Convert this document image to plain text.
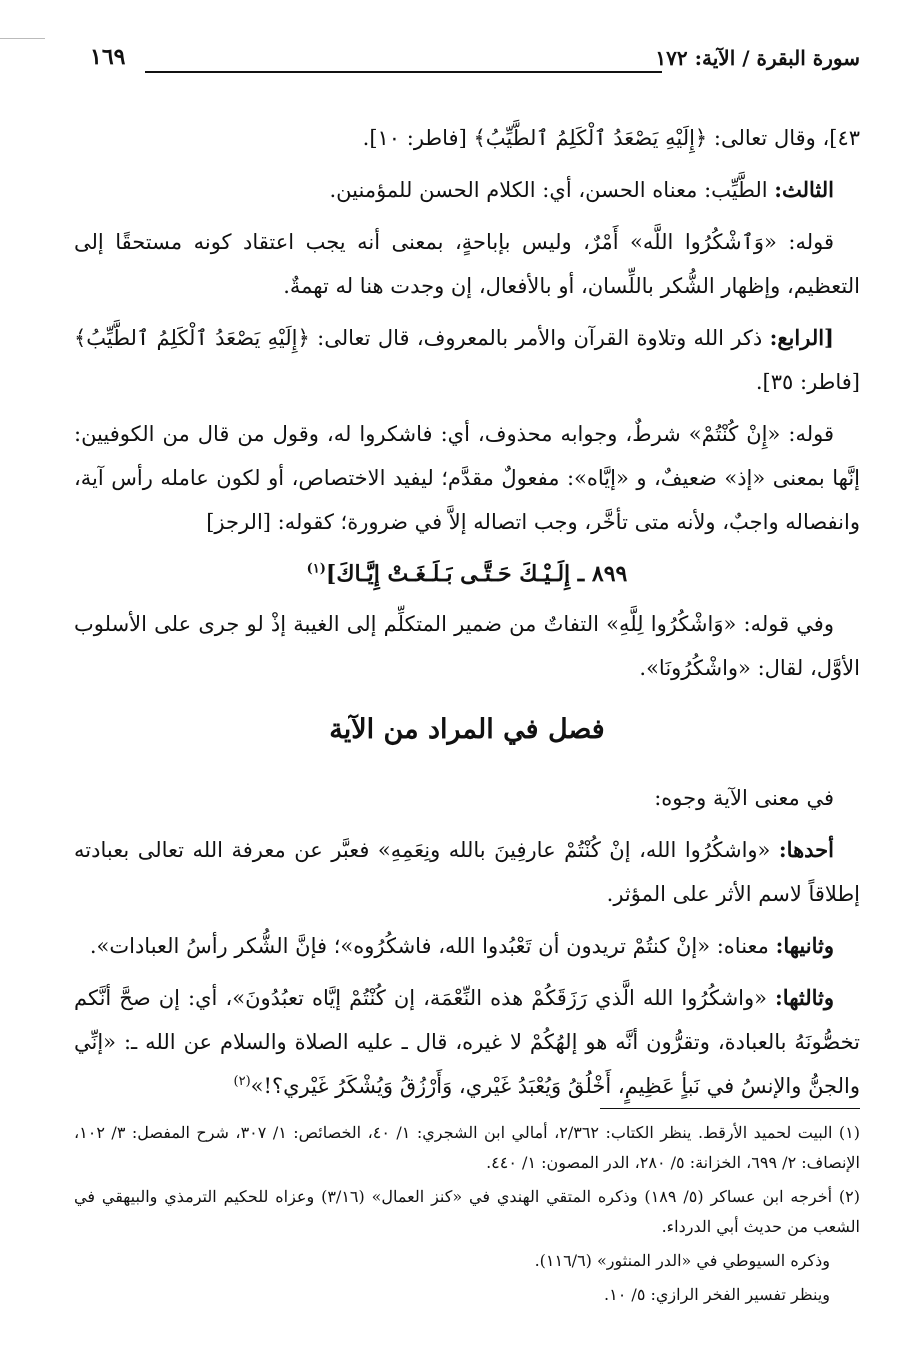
سورة البقرة / الآية: ١٧٢
١٦٩

٤٣]، وقال تعالى: ﴿إِلَيْهِ يَصْعَدُ ٱلْكَلِمُ ٱلطَّيِّبُ﴾ [فاطر: ١٠].

الثالث: الطَّيِّب: معناه الحسن، أي: الكلام الحسن للمؤمنين.

قوله: «وَٱشْكُرُوا اللَّه» أَمْرٌ، وليس بإباحةٍ، بمعنى أنه يجب اعتقاد كونه مستحقًا إلى التعظيم، وإظهار الشُّكر باللِّسان، أو بالأفعال، إن وجدت هنا له تهمةٌ.

[الرابع: ذكر الله وتلاوة القرآن والأمر بالمعروف، قال تعالى: ﴿إِلَيْهِ يَصْعَدُ ٱلْكَلِمُ ٱلطَّيِّبُ﴾ [فاطر: ٣٥].

قوله: «إِنْ كُنْتُمْ» شرطٌ، وجوابه محذوف، أي: فاشكروا له، وقول من قال من الكوفيين: إنَّها بمعنى «إذ» ضعيفٌ، و «إيَّاه»: مفعولٌ مقدَّم؛ ليفيد الاختصاص، أو لكون عامله رأس آية، وانفصاله واجبٌ، ولأنه متى تأخَّر، وجب اتصاله إلاَّ في ضرورة؛ كقوله: [الرجز]

٨٩٩ ـ إِلَـيْـكَ حَـتَّـى بَـلَـغَـتْ إِيَّـاكَ]$^{(١)}$

وفي قوله: «وَاشْكُرُوا لِلَّهِ» التفاتٌ من ضمير المتكلِّم إلى الغيبة إذْ لو جرى على الأسلوب الأوَّل، لقال: «واشْكُرُونَا».

فصل في المراد من الآية

في معنى الآية وجوه:

أحدها: «واشكُرُوا الله، إنْ كُنْتُمْ عارفِينَ بالله ونِعَمِهِ» فعبَّر عن معرفة الله تعالى بعبادته إطلاقاً لاسم الأثر على المؤثر.

وثانيها: معناه: «إنْ كنتُمْ تريدون أن تَعْبُدوا الله، فاشكُرُوه»؛ فإنَّ الشُّكر رأسُ العبادات».

وثالثها: «واشكُرُوا الله الَّذي رَزَقَكُمْ هذه النِّعْمَة، إن كُنْتُمْ إيَّاه تعبُدُونَ»، أي: إن صحَّ أنَّكم تخصُّونَهُ بالعبادة، وتقرُّون أنَّه هو إلهُكُمْ لا غيره، قال ـ عليه الصلاة والسلام عن الله ـ: «إنِّي والجنُّ والإنسُ في نَبأٍ عَظِيمٍ، أَخْلُقُ وَيُعْبَدُ غَيْري، وَأَرْزُقُ وَيُشْكَرُ غَيْري؟!»$^{(٢)}$

(١) البيت لحميد الأرقط. ينظر الكتاب: ٢/٣٦٢، أمالي ابن الشجري: ١/ ٤٠، الخصائص: ١/ ٣٠٧، شرح المفصل: ٣/ ١٠٢، الإنصاف: ٢/ ٦٩٩، الخزانة: ٥/ ٢٨٠، الدر المصون: ١/ ٤٤٠.

(٢) أخرجه ابن عساكر (٥/ ١٨٩) وذكره المتقي الهندي في «كنز العمال» (٣/١٦) وعزاه للحكيم الترمذي والبيهقي في الشعب من حديث أبي الدرداء.

وذكره السيوطي في «الدر المنثور» (١١٦/٦).

وينظر تفسير الفخر الرازي: ٥/ ١٠.
